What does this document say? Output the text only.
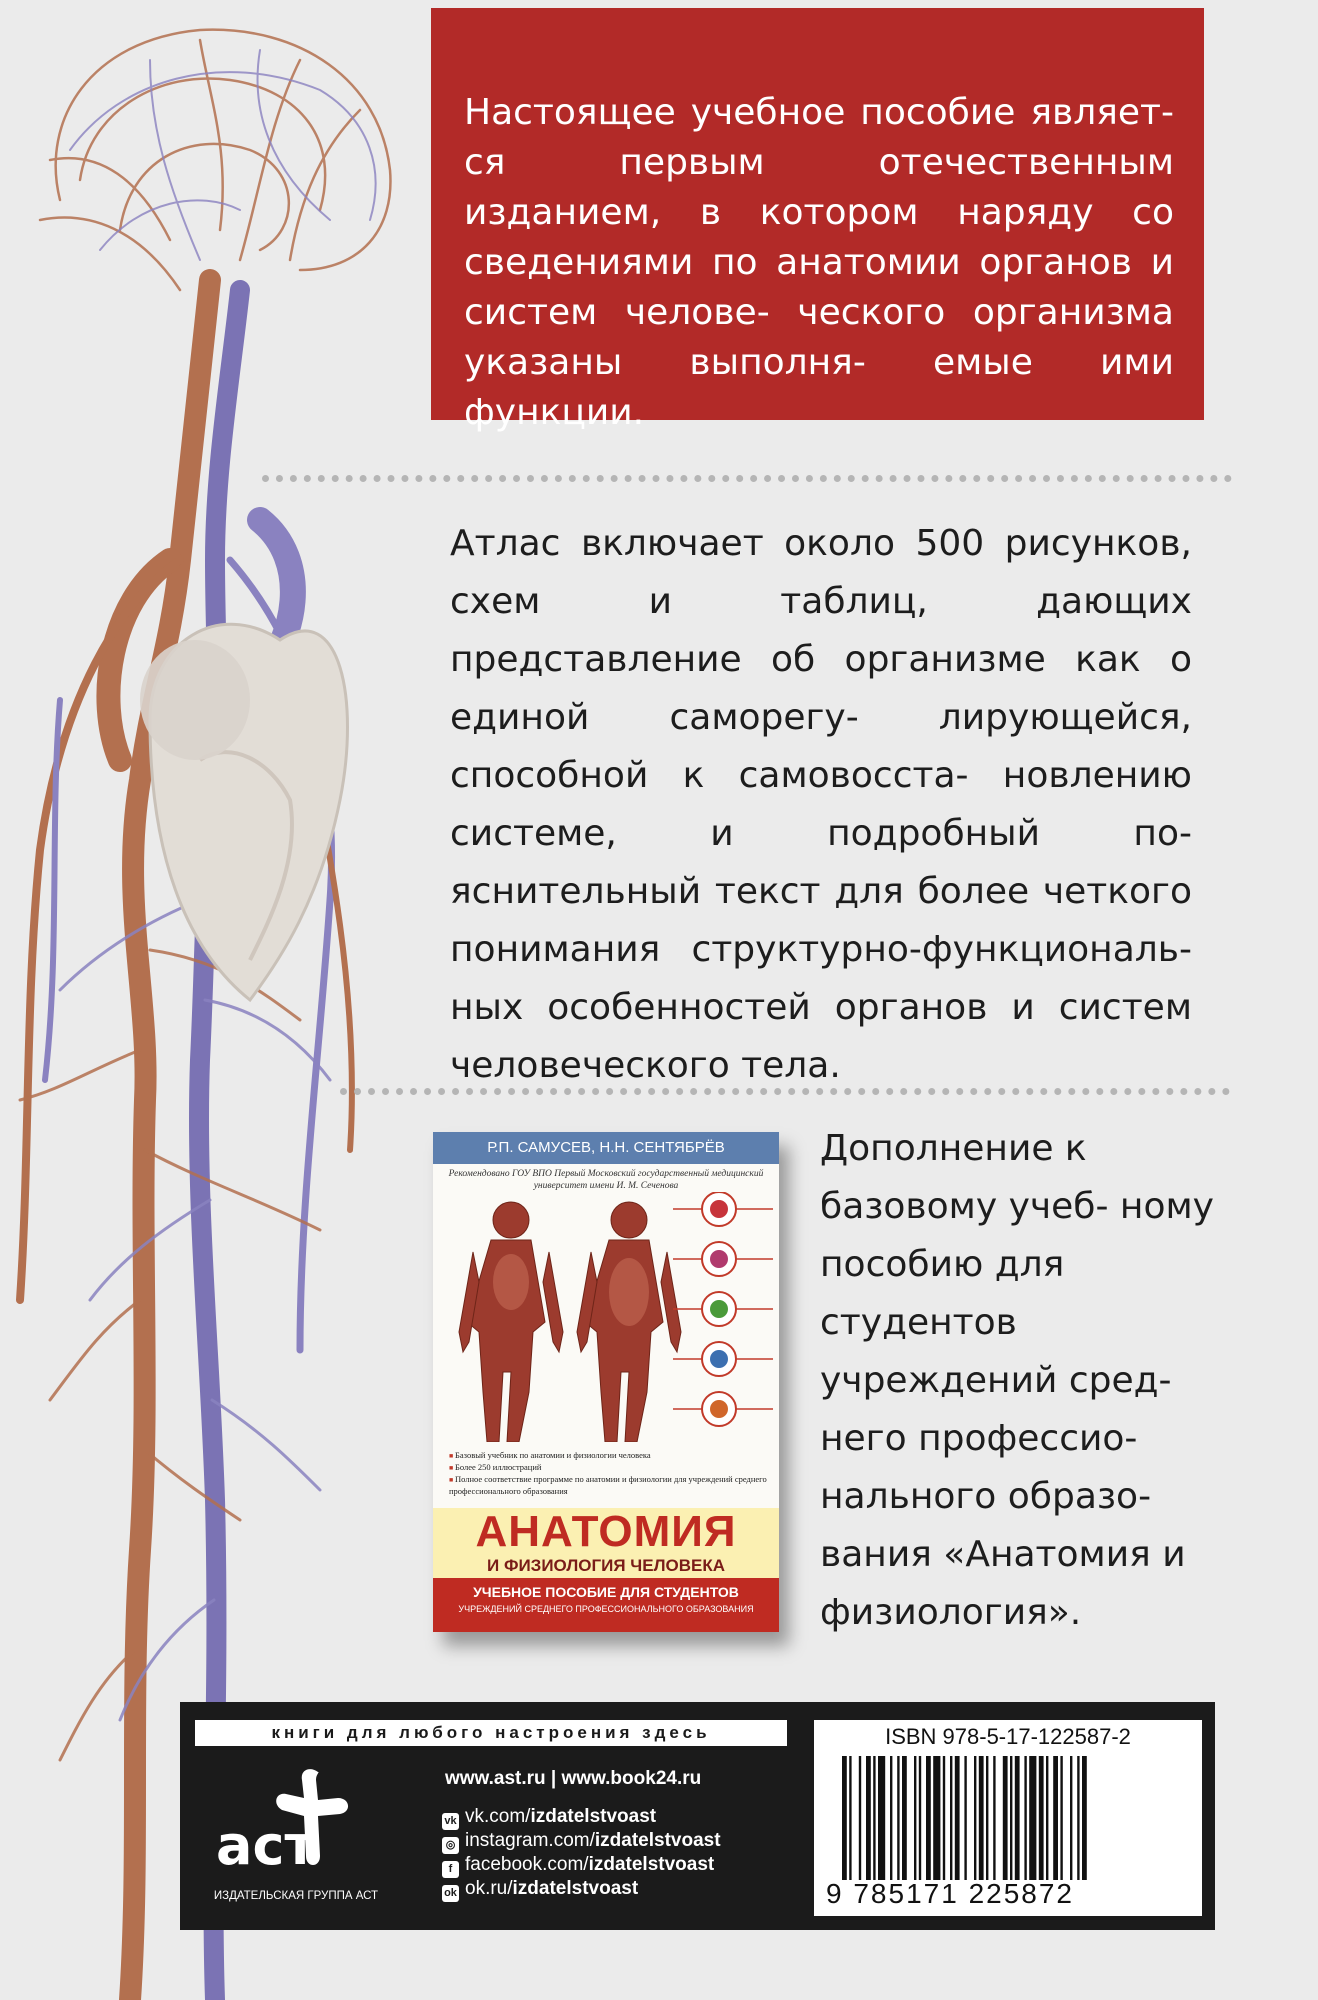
Настоящее учебное пособие являет- ся первым отечественным изданием, в котором наряду со сведениями по анатомии органов и систем челове- ческого организма указаны выполня- емые ими функции.

Атлас включает около 500 рисунков, схем и таблиц, дающих представление об организме как о единой саморегу- лирующейся, способной к самовосста- новлению системе, и подробный по- яснительный текст для более четкого понимания структурно-функциональ- ных особенностей органов и систем человеческого тела.

Р.П. САМУСЕВ, Н.Н. СЕНТЯБРЁВ
Рекомендовано ГОУ ВПО Первый Московский государственный медицинский университет имени И. М. Сеченова
■ Базовый учебник по анатомии и физиологии человека
■ Более 250 иллюстраций
■ Полное соответствие программе по анатомии и физиологии для учреждений среднего профессионального образования
АНАТОМИЯ
И ФИЗИОЛОГИЯ ЧЕЛОВЕКА
УЧЕБНОЕ ПОСОБИЕ ДЛЯ СТУДЕНТОВ
УЧРЕЖДЕНИЙ СРЕДНЕГО ПРОФЕССИОНАЛЬНОГО ОБРАЗОВАНИЯ

Дополнение к базовому учеб- ному пособию для студентов учреждений сред- него профессио- нального образо- вания «Анатомия и физиология».

книги для любого настроения здесь
аст
ИЗДАТЕЛЬСКАЯ ГРУППА АСТ
www.ast.ru | www.book24.ru
vk vk.com/izdatelstvoast
◎ instagram.com/izdatelstvoast
f facebook.com/izdatelstvoast
ok ok.ru/izdatelstvoast
ISBN 978-5-17-122587-2
9 785171 225872
